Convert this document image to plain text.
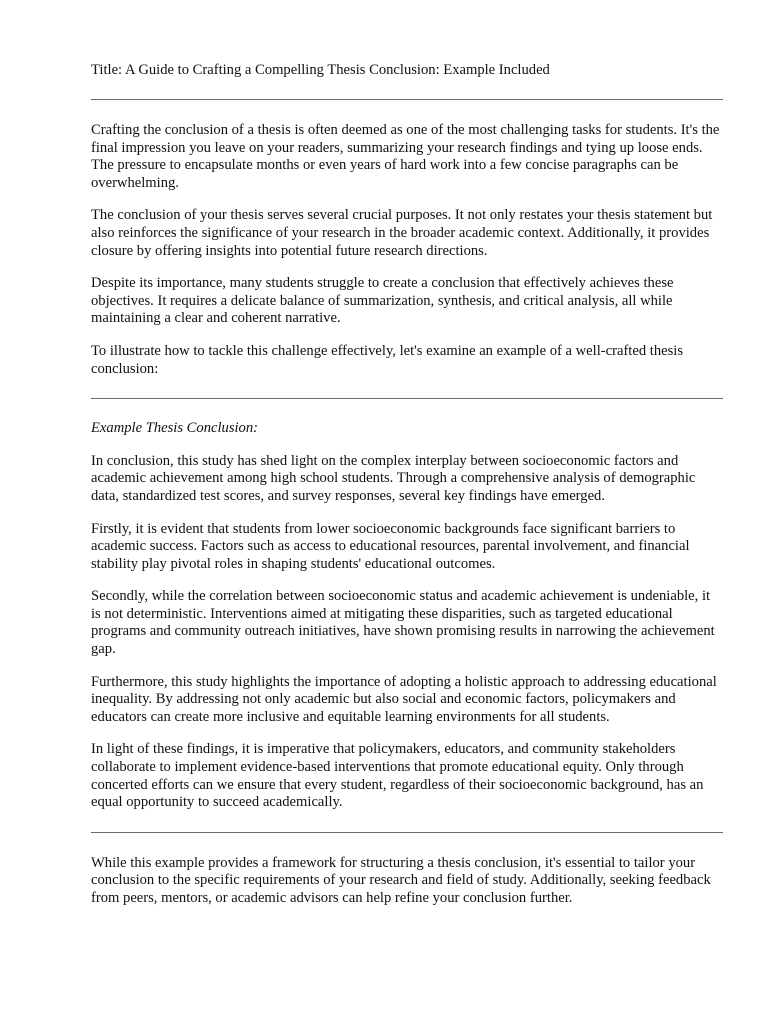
Title: A Guide to Crafting a Compelling Thesis Conclusion: Example Included

Crafting the conclusion of a thesis is often deemed as one of the most challenging tasks for students. It's the final impression you leave on your readers, summarizing your research findings and tying up loose ends. The pressure to encapsulate months or even years of hard work into a few concise paragraphs can be overwhelming.

The conclusion of your thesis serves several crucial purposes. It not only restates your thesis statement but also reinforces the significance of your research in the broader academic context. Additionally, it provides closure by offering insights into potential future research directions.

Despite its importance, many students struggle to create a conclusion that effectively achieves these objectives. It requires a delicate balance of summarization, synthesis, and critical analysis, all while maintaining a clear and coherent narrative.

To illustrate how to tackle this challenge effectively, let's examine an example of a well-crafted thesis conclusion:

Example Thesis Conclusion:

In conclusion, this study has shed light on the complex interplay between socioeconomic factors and academic achievement among high school students. Through a comprehensive analysis of demographic data, standardized test scores, and survey responses, several key findings have emerged.

Firstly, it is evident that students from lower socioeconomic backgrounds face significant barriers to academic success. Factors such as access to educational resources, parental involvement, and financial stability play pivotal roles in shaping students' educational outcomes.

Secondly, while the correlation between socioeconomic status and academic achievement is undeniable, it is not deterministic. Interventions aimed at mitigating these disparities, such as targeted educational programs and community outreach initiatives, have shown promising results in narrowing the achievement gap.

Furthermore, this study highlights the importance of adopting a holistic approach to addressing educational inequality. By addressing not only academic but also social and economic factors, policymakers and educators can create more inclusive and equitable learning environments for all students.

In light of these findings, it is imperative that policymakers, educators, and community stakeholders collaborate to implement evidence-based interventions that promote educational equity. Only through concerted efforts can we ensure that every student, regardless of their socioeconomic background, has an equal opportunity to succeed academically.

While this example provides a framework for structuring a thesis conclusion, it's essential to tailor your conclusion to the specific requirements of your research and field of study. Additionally, seeking feedback from peers, mentors, or academic advisors can help refine your conclusion further.
